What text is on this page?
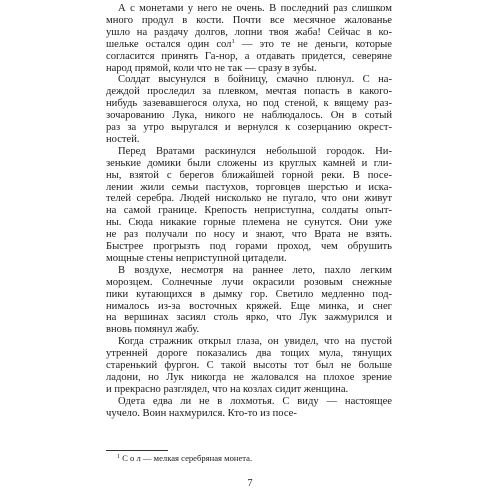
А с монетами у него не очень. В последний раз слишком
много продул в кости. Почти все месячное жалованье
ушло на раздачу долгов, лопни твоя жаба! Сейчас в ко-
шельке остался один сол$^1$ — это те не деньги, которые
согласится принять Га-нор, а отдавать придется, северяне
народ прямой, коли что не так — сразу в зубы.
Солдат высунулся в бойницу, смачно плюнул. С на-
деждой проследил за плевком, мечтая попасть в какого-
нибудь зазевавшегося олуха, но под стеной, к вящему раз-
зочарованию Лука, никого не наблюдалось. Он в сотый
раз за утро выругался и вернулся к созерцанию окрест-
ностей.
Перед Вратами раскинулся небольшой городок. Ни-
зенькие домики были сложены из круглых камней и гли-
ны, взятой с берегов ближайшей горной реки. В посе-
лении жили семьи пастухов, торговцев шерстью и иска-
телей серебра. Людей нисколько не пугало, что они живут
на самой границе. Крепость неприступна, солдаты опыт-
ны. Сюда никакие горные племена не сунутся. Они уже
не раз получали по носу и знают, что Врата не взять.
Быстрее прогрызть под горами проход, чем обрушить
мощные стены неприступной цитадели.
В воздухе, несмотря на раннее лето, пахло легким
морозцем. Солнечные лучи окрасили розовым снежные
пики кутающихся в дымку гор. Светило медленно под-
нималось из-за восточных кряжей. Еще минка, и снег
на вершинах засиял столь ярко, что Лук зажмурился и
вновь помянул жабу.
Когда стражник открыл глаза, он увидел, что на пустой
утренней дороге показались два тощих мула, тянущих
старенький фургон. С такой высоты тот был не больше
ладони, но Лук никогда не жаловался на плохое зрение
и прекрасно разглядел, что на козлах сидит женщина.
Одета едва ли не в лохмотья. С виду — настоящее
чучело. Воин нахмурился. Кто-то из посе-
$^1$ С о л — мелкая серебряная монета.
7
